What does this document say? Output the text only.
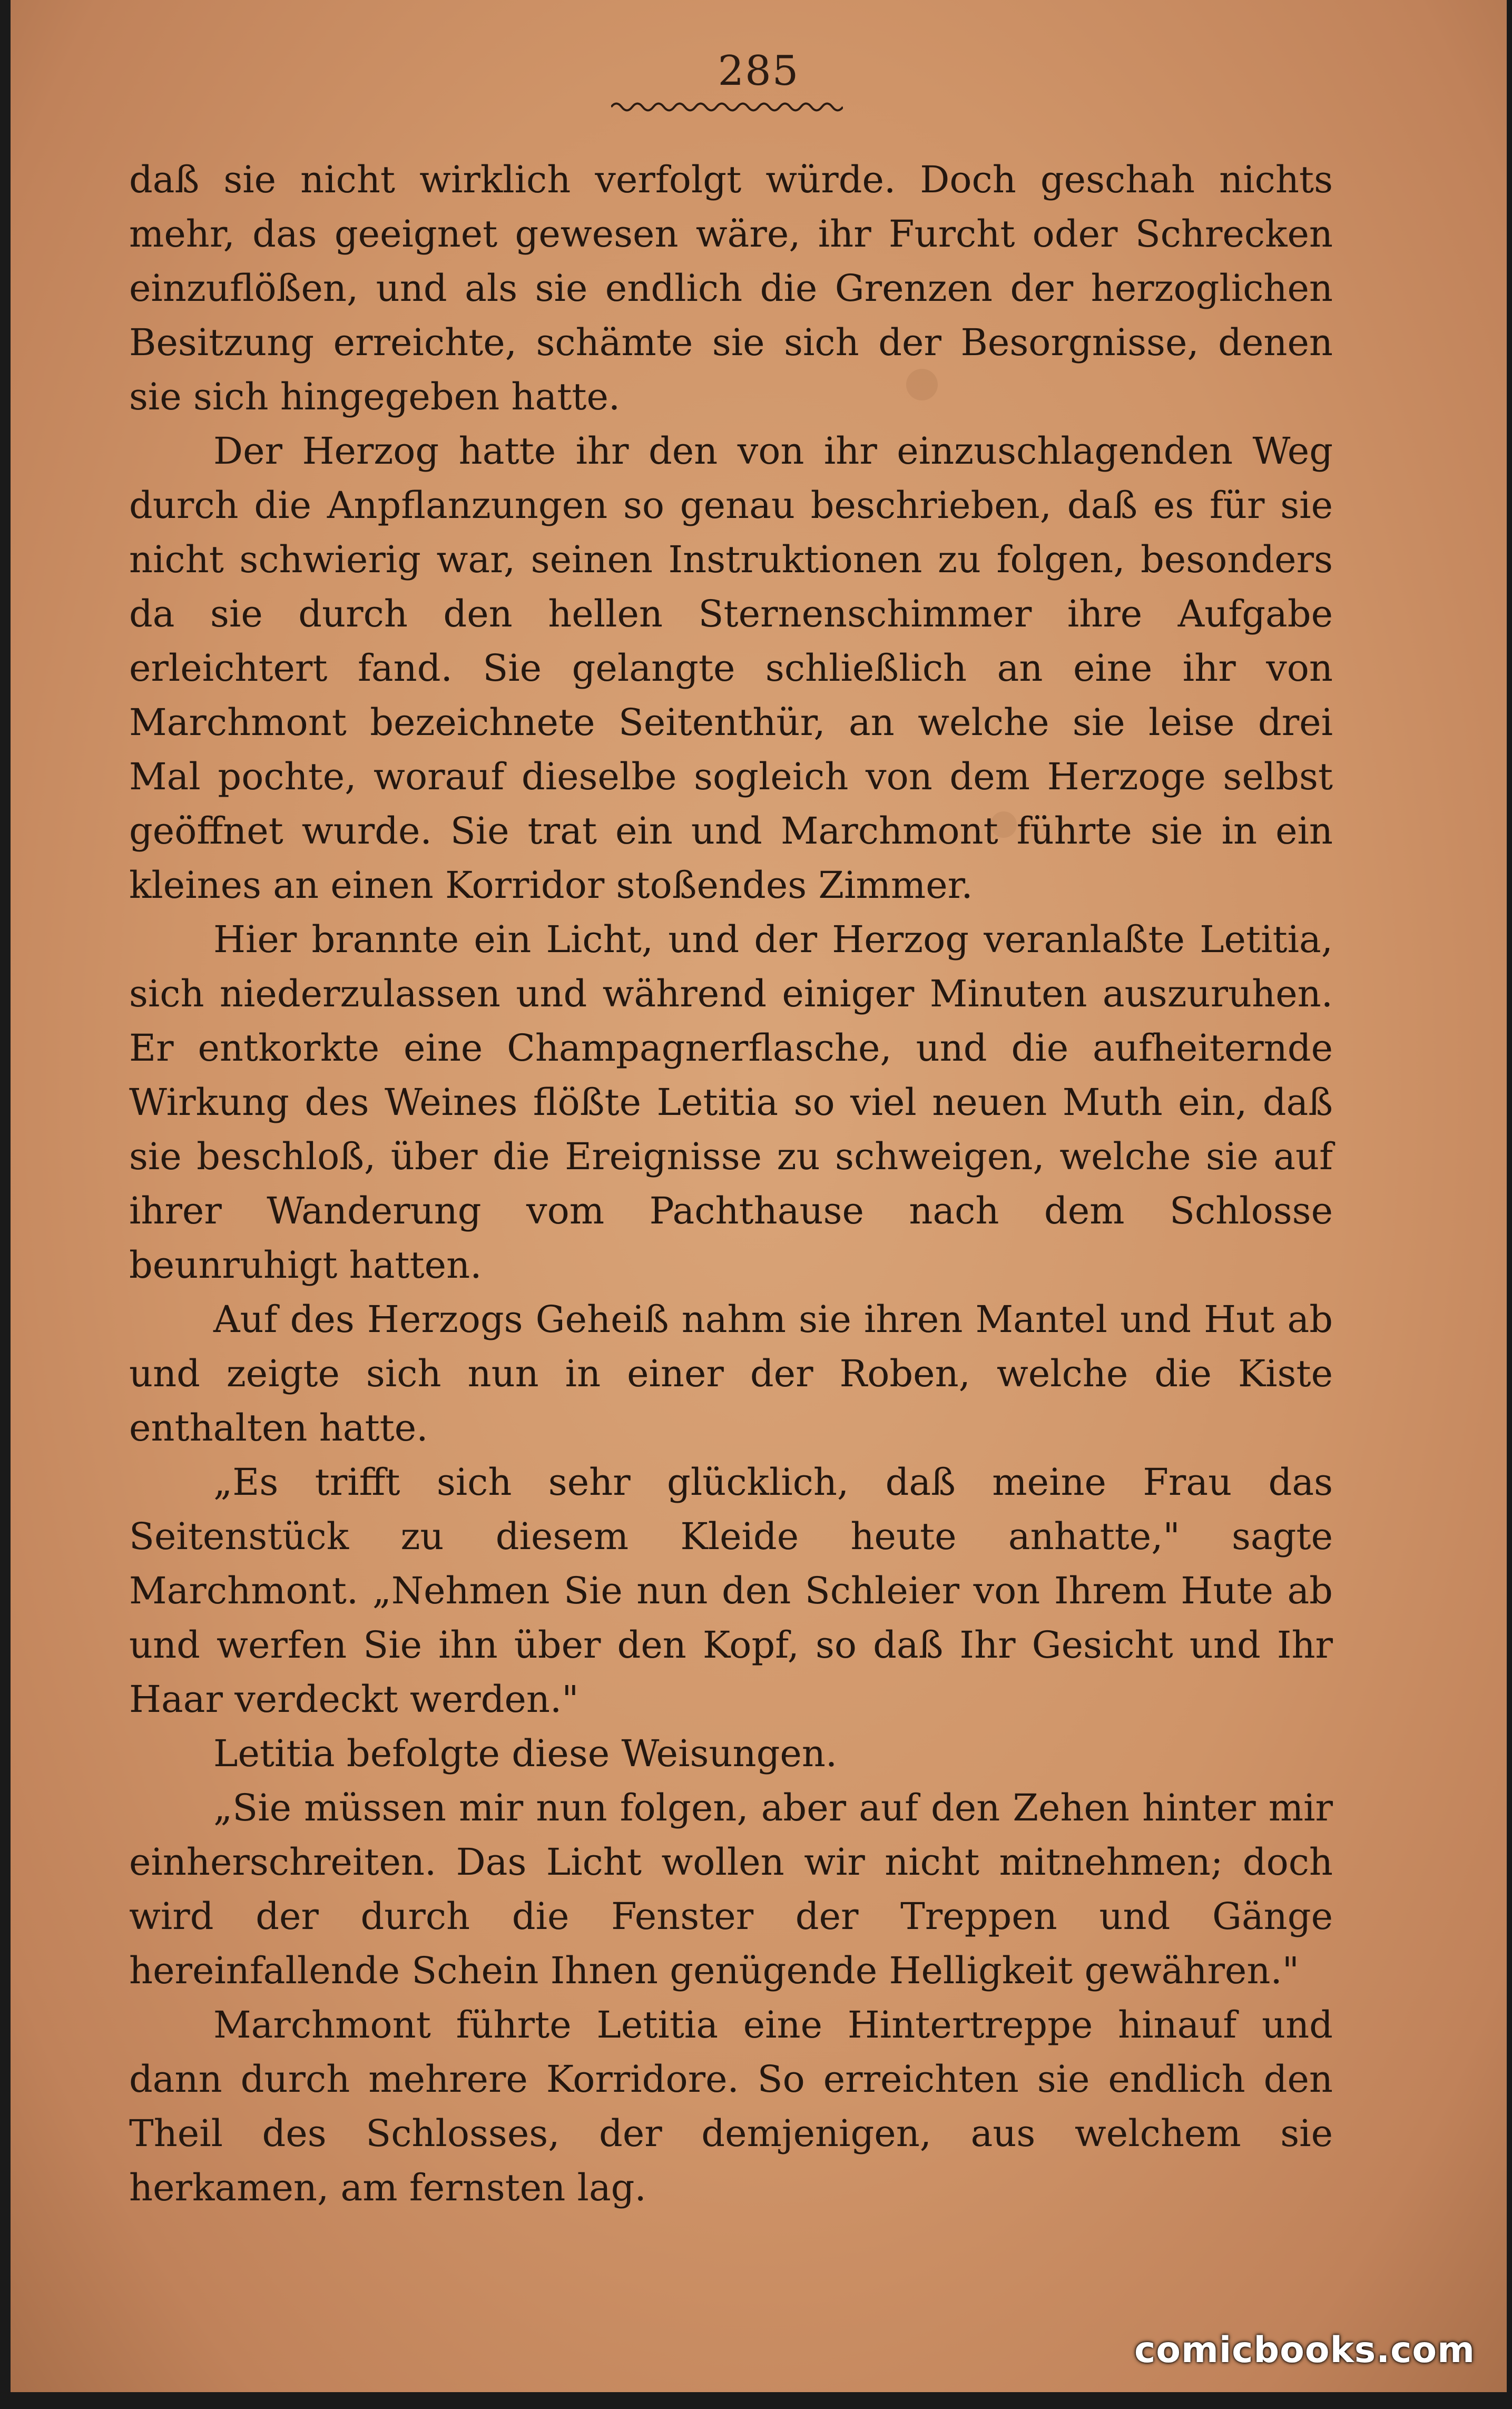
285

daß sie nicht wirklich verfolgt würde. Doch geschah nichts mehr, das geeignet gewesen wäre, ihr Furcht oder Schrecken einzuflößen, und als sie endlich die Grenzen der herzoglichen Besitzung erreichte, schämte sie sich der Besorgnisse, denen sie sich hingegeben hatte.

Der Herzog hatte ihr den von ihr einzuschlagenden Weg durch die Anpflanzungen so genau beschrieben, daß es für sie nicht schwierig war, seinen Instruktionen zu folgen, besonders da sie durch den hellen Sternenschimmer ihre Aufgabe erleichtert fand. Sie gelangte schließlich an eine ihr von Marchmont bezeichnete Seitenthür, an welche sie leise drei Mal pochte, worauf dieselbe sogleich von dem Herzoge selbst geöffnet wurde. Sie trat ein und Marchmont führte sie in ein kleines an einen Korridor stoßendes Zimmer.

Hier brannte ein Licht, und der Herzog veranlaßte Letitia, sich niederzulassen und während einiger Minuten auszuruhen. Er entkorkte eine Champagnerflasche, und die aufheiternde Wirkung des Weines flößte Letitia so viel neuen Muth ein, daß sie beschloß, über die Ereignisse zu schweigen, welche sie auf ihrer Wanderung vom Pachthause nach dem Schlosse beunruhigt hatten.

Auf des Herzogs Geheiß nahm sie ihren Mantel und Hut ab und zeigte sich nun in einer der Roben, welche die Kiste enthalten hatte.

„Es trifft sich sehr glücklich, daß meine Frau das Seitenstück zu diesem Kleide heute anhatte," sagte Marchmont. „Nehmen Sie nun den Schleier von Ihrem Hute ab und werfen Sie ihn über den Kopf, so daß Ihr Gesicht und Ihr Haar verdeckt werden."

Letitia befolgte diese Weisungen.

„Sie müssen mir nun folgen, aber auf den Zehen hinter mir einherschreiten. Das Licht wollen wir nicht mitnehmen; doch wird der durch die Fenster der Treppen und Gänge hereinfallende Schein Ihnen genügende Helligkeit gewähren."

Marchmont führte Letitia eine Hintertreppe hinauf und dann durch mehrere Korridore. So erreichten sie endlich den Theil des Schlosses, der demjenigen, aus welchem sie herkamen, am fernsten lag.

comicbooks.com
